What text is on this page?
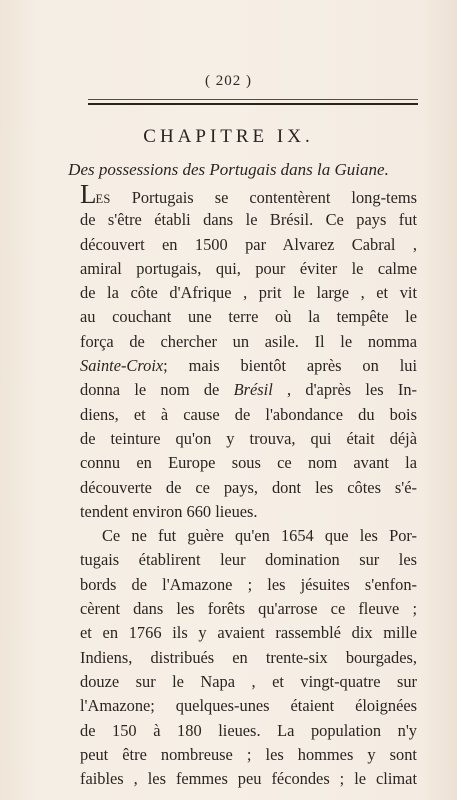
( 202 )
CHAPITRE IX.
Des possessions des Portugais dans la Guiane.
LES Portugais se contentèrent long-tems
de s'être établi dans le Brésil. Ce pays fut
découvert en 1500 par Alvarez Cabral ,
amiral portugais, qui, pour éviter le calme
de la côte d'Afrique , prit le large , et vit
au couchant une terre où la tempête le
força de chercher un asile. Il le nomma
Sainte-Croix; mais bientôt après on lui
donna le nom de Brésil , d'après les In-
diens, et à cause de l'abondance du bois
de teinture qu'on y trouva, qui était déjà
connu en Europe sous ce nom avant la
découverte de ce pays, dont les côtes s'é-
tendent environ 660 lieues.
Ce ne fut guère qu'en 1654 que les Por-
tugais établirent leur domination sur les
bords de l'Amazone ; les jésuites s'enfon-
cèrent dans les forêts qu'arrose ce fleuve ;
et en 1766 ils y avaient rassemblé dix mille
Indiens, distribués en trente-six bourgades,
douze sur le Napa , et vingt-quatre sur
l'Amazone; quelques-unes étaient éloignées
de 150 à 180 lieues. La population n'y
peut être nombreuse ; les hommes y sont
faibles , les femmes peu fécondes ; le climat
